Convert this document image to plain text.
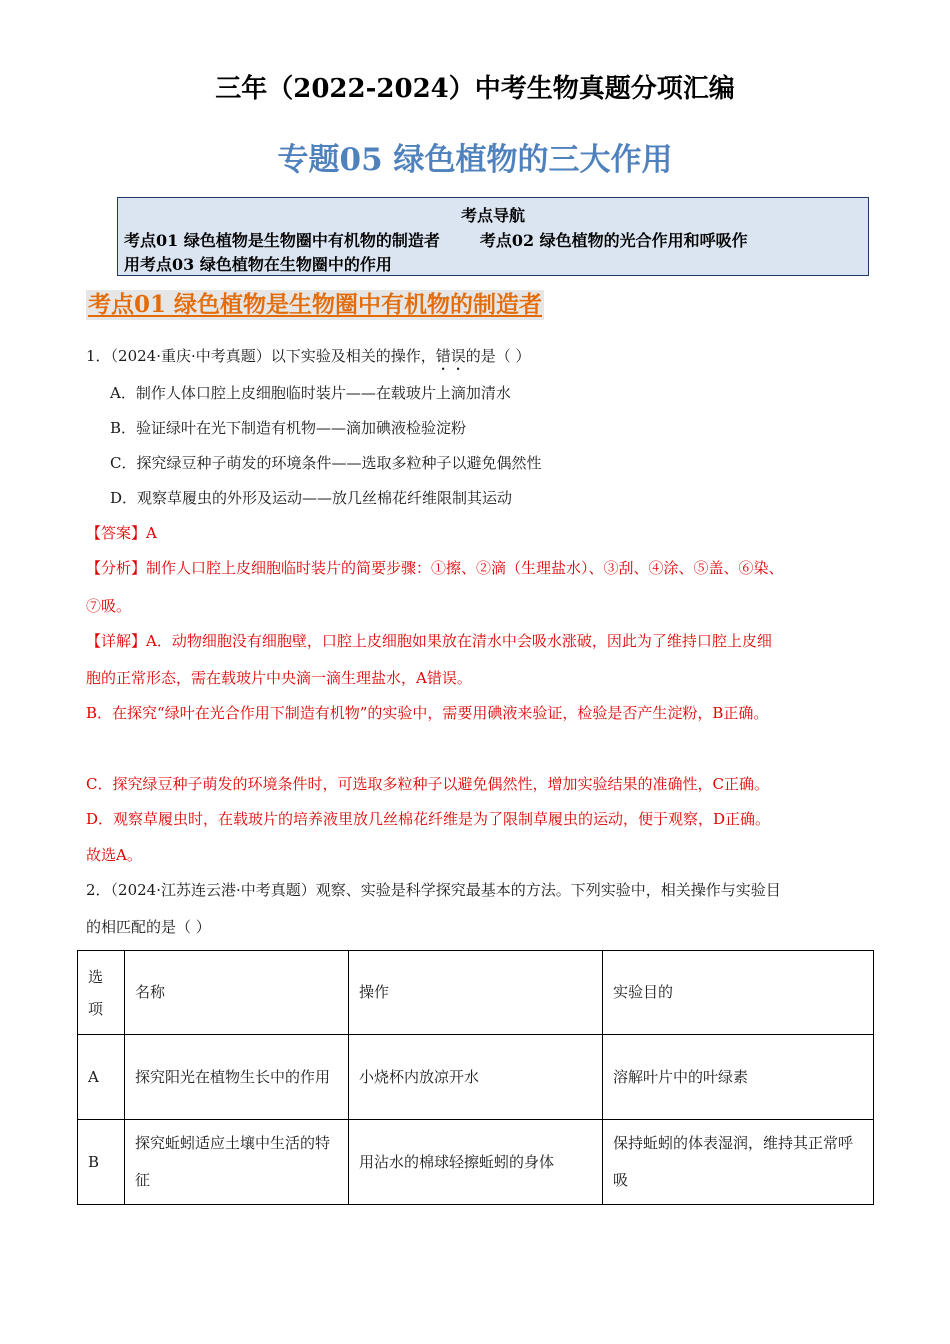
三年（2022-2024）中考生物真题分项汇编
专题05 绿色植物的三大作用
考点导航
考点01 绿色植物是生物圈中有机物的制造者	考点02 绿色植物的光合作用和呼吸作
用考点03 绿色植物在生物圈中的作用
考点01 绿色植物是生物圈中有机物的制造者
1．（2024·重庆·中考真题）以下实验及相关的操作，错误的是（ ）
A．制作人体口腔上皮细胞临时装片——在载玻片上滴加清水
B．验证绿叶在光下制造有机物——滴加碘液检验淀粉
C．探究绿豆种子萌发的环境条件——选取多粒种子以避免偶然性
D．观察草履虫的外形及运动——放几丝棉花纤维限制其运动
【答案】A
【分析】制作人口腔上皮细胞临时装片的简要步骤：①擦、②滴（生理盐水）、③刮、④涂、⑤盖、⑥染、
⑦吸。
【详解】A．动物细胞没有细胞壁，口腔上皮细胞如果放在清水中会吸水涨破，因此为了维持口腔上皮细
胞的正常形态，需在载玻片中央滴一滴生理盐水，A错误。
B．在探究“绿叶在光合作用下制造有机物”的实验中，需要用碘液来验证，检验是否产生淀粉，B正确。
C．探究绿豆种子萌发的环境条件时，可选取多粒种子以避免偶然性，增加实验结果的准确性，C正确。
D．观察草履虫时，在载玻片的培养液里放几丝棉花纤维是为了限制草履虫的运动，便于观察，D正确。
故选A。
2．（2024·江苏连云港·中考真题）观察、实验是科学探究最基本的方法。下列实验中，相关操作与实验目
的相匹配的是（ ）
选项	名称	操作	实验目的
A	探究阳光在植物生长中的作用	小烧杯内放凉开水	溶解叶片中的叶绿素
B	探究蚯蚓适应土壤中生活的特征	用沾水的棉球轻擦蚯蚓的身体	保持蚯蚓的体表湿润，维持其正常呼吸
